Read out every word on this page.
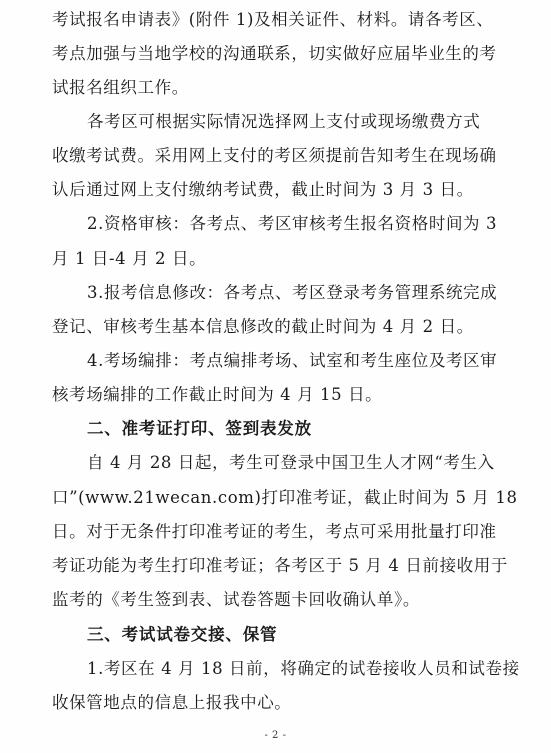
考试报名申请表》(附件 1)及相关证件、材料。请各考区、
考点加强与当地学校的沟通联系，切实做好应届毕业生的考
试报名组织工作。
各考区可根据实际情况选择网上支付或现场缴费方式
收缴考试费。采用网上支付的考区须提前告知考生在现场确
认后通过网上支付缴纳考试费，截止时间为 3 月 3 日。
2.资格审核：各考点、考区审核考生报名资格时间为 3
月 1 日-4 月 2 日。
3.报考信息修改：各考点、考区登录考务管理系统完成
登记、审核考生基本信息修改的截止时间为 4 月 2 日。
4.考场编排：考点编排考场、试室和考生座位及考区审
核考场编排的工作截止时间为 4 月 15 日。
二、准考证打印、签到表发放
自 4 月 28 日起，考生可登录中国卫生人才网“考生入
口”(www.21wecan.com)打印准考证，截止时间为 5 月 18
日。对于无条件打印准考证的考生，考点可采用批量打印准
考证功能为考生打印准考证；各考区于 5 月 4 日前接收用于
监考的《考生签到表、试卷答题卡回收确认单》。
三、考试试卷交接、保管
1.考区在 4 月 18 日前，将确定的试卷接收人员和试卷接
收保管地点的信息上报我中心。
- 2 -
